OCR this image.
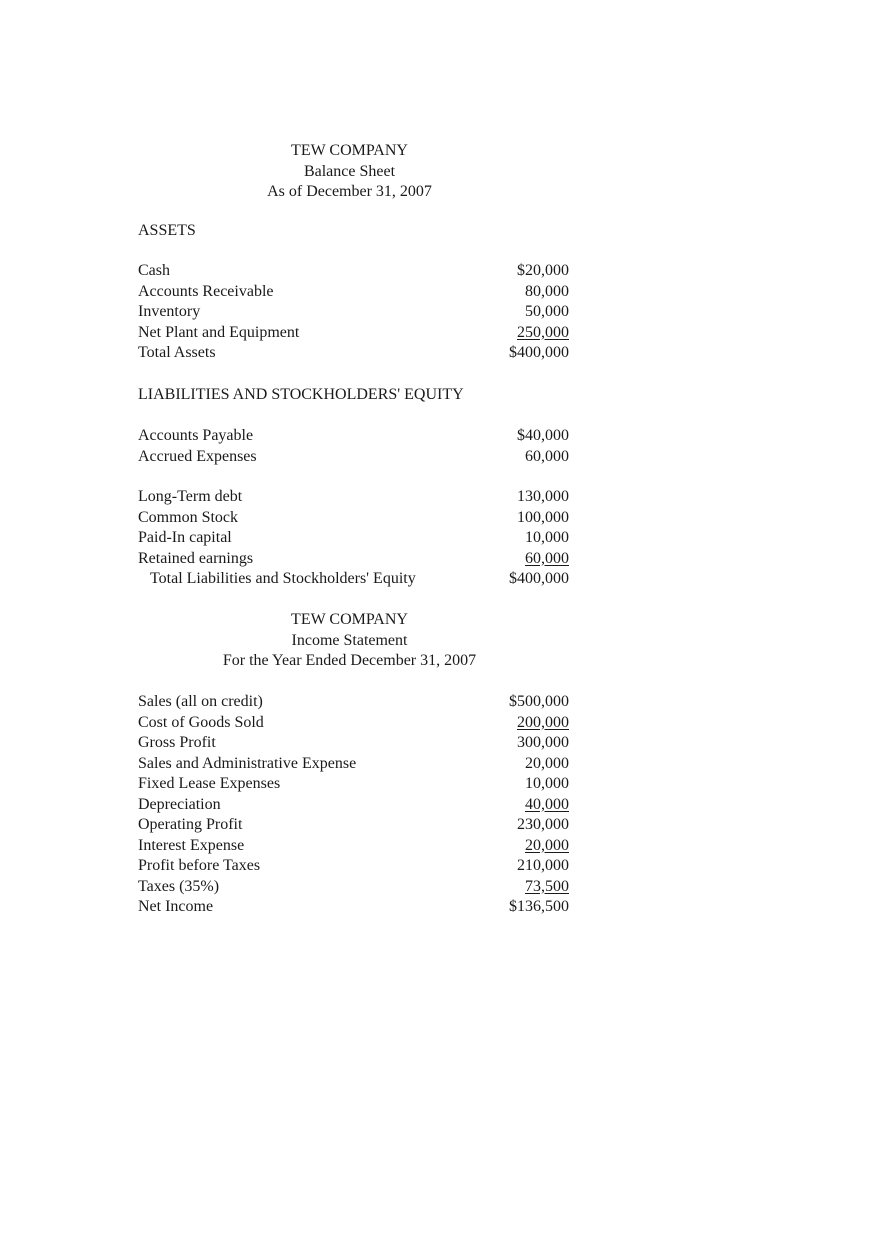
TEW COMPANY
Balance Sheet
As of December 31, 2007
ASSETS
Cash	$20,000
Accounts Receivable	80,000
Inventory	50,000
Net Plant and Equipment	250,000
Total Assets	$400,000
LIABILITIES AND STOCKHOLDERS' EQUITY
Accounts Payable	$40,000
Accrued Expenses	60,000
Long-Term debt	130,000
Common Stock	100,000
Paid-In capital	10,000
Retained earnings	60,000
Total Liabilities and Stockholders' Equity	$400,000
TEW COMPANY
Income Statement
For the Year Ended December 31, 2007
Sales (all on credit)	$500,000
Cost of Goods Sold	200,000
Gross Profit	300,000
Sales and Administrative Expense	20,000
Fixed Lease Expenses	10,000
Depreciation	40,000
Operating Profit	230,000
Interest Expense	20,000
Profit before Taxes	210,000
Taxes (35%)	73,500
Net Income	$136,500
